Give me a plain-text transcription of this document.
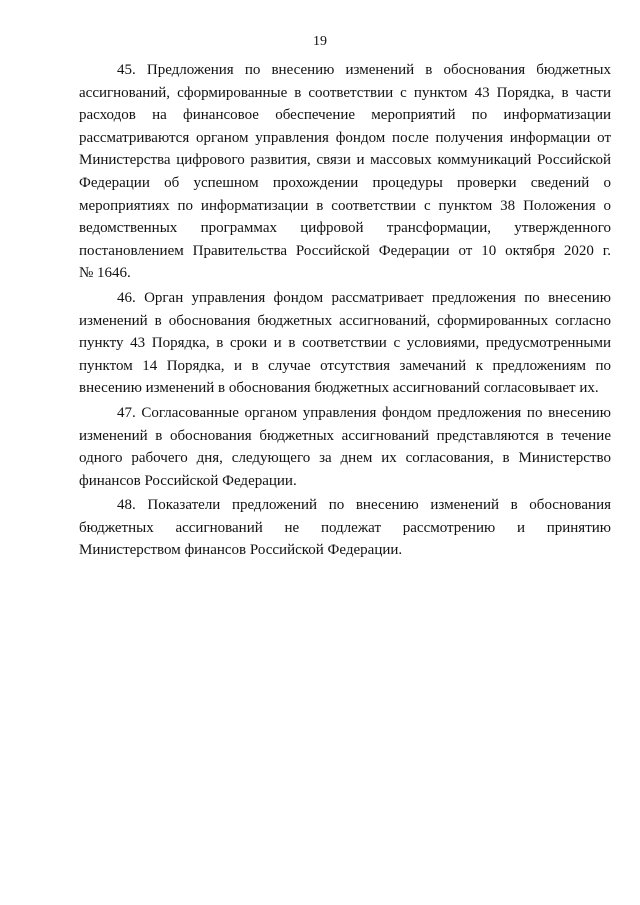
19

45. Предложения по внесению изменений в обоснования бюджетных
ассигнований, сформированные в соответствии с пунктом 43 Порядка, в части
расходов на финансовое обеспечение мероприятий по информатизации
рассматриваются органом управления фондом после получения информации от
Министерства цифрового развития, связи и массовых коммуникаций Российской
Федерации об успешном прохождении процедуры проверки сведений о
мероприятиях по информатизации в соответствии с пунктом 38 Положения о
ведомственных программах цифровой трансформации, утвержденного
постановлением Правительства Российской Федерации от 10 октября 2020 г.
№ 1646.

46. Орган управления фондом рассматривает предложения по внесению
изменений в обоснования бюджетных ассигнований, сформированных согласно
пункту 43 Порядка, в сроки и в соответствии с условиями, предусмотренными
пунктом 14 Порядка, и в случае отсутствия замечаний к предложениям по
внесению изменений в обоснования бюджетных ассигнований согласовывает их.

47. Согласованные органом управления фондом предложения по внесению
изменений в обоснования бюджетных ассигнований представляются в течение
одного рабочего дня, следующего за днем их согласования, в Министерство
финансов Российской Федерации.

48. Показатели предложений по внесению изменений в обоснования
бюджетных ассигнований не подлежат рассмотрению и принятию
Министерством финансов Российской Федерации.
